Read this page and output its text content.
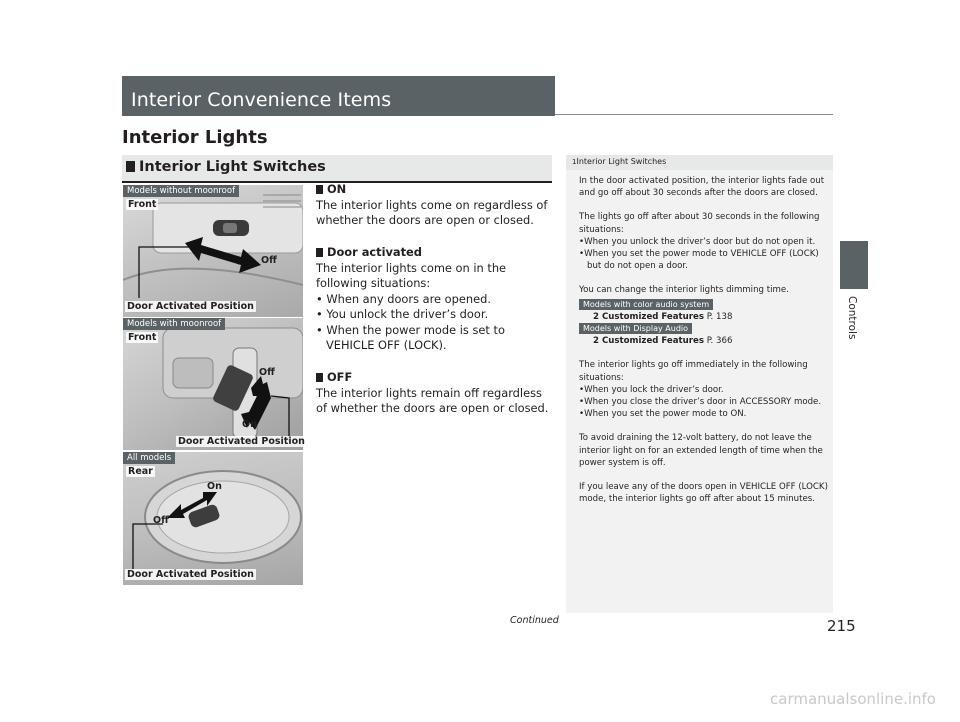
Interior Convenience Items
Interior Lights
Interior Light Switches
Models without moonroof
Front
Off
Door Activated Position
Models with moonroof
Front
Off
On
Door Activated Position
All models
Rear
On
Off
Door Activated Position
ON
The interior lights come on regardless of whether the doors are open or closed.
Door activated
The interior lights come on in the following situations:
• When any doors are opened.
• You unlock the driver’s door.
• When the power mode is set to VEHICLE OFF (LOCK).
OFF
The interior lights remain off regardless of whether the doors are open or closed.
1Interior Light Switches

In the door activated position, the interior lights fade out and go off about 30 seconds after the doors are closed.

The lights go off after about 30 seconds in the following situations:
•When you unlock the driver’s door but do not open it.
•When you set the power mode to VEHICLE OFF (LOCK) but do not open a door.

You can change the interior lights dimming time.

Models with color audio system
2 Customized Features P. 138
Models with Display Audio
2 Customized Features P. 366

The interior lights go off immediately in the following situations:
•When you lock the driver’s door.
•When you close the driver’s door in ACCESSORY mode.
•When you set the power mode to ON.

To avoid draining the 12-volt battery, do not leave the interior light on for an extended length of time when the power system is off.

If you leave any of the doors open in VEHICLE OFF (LOCK) mode, the interior lights go off after about 15 minutes.

Controls
Continued	215
carmanualsonline.info
